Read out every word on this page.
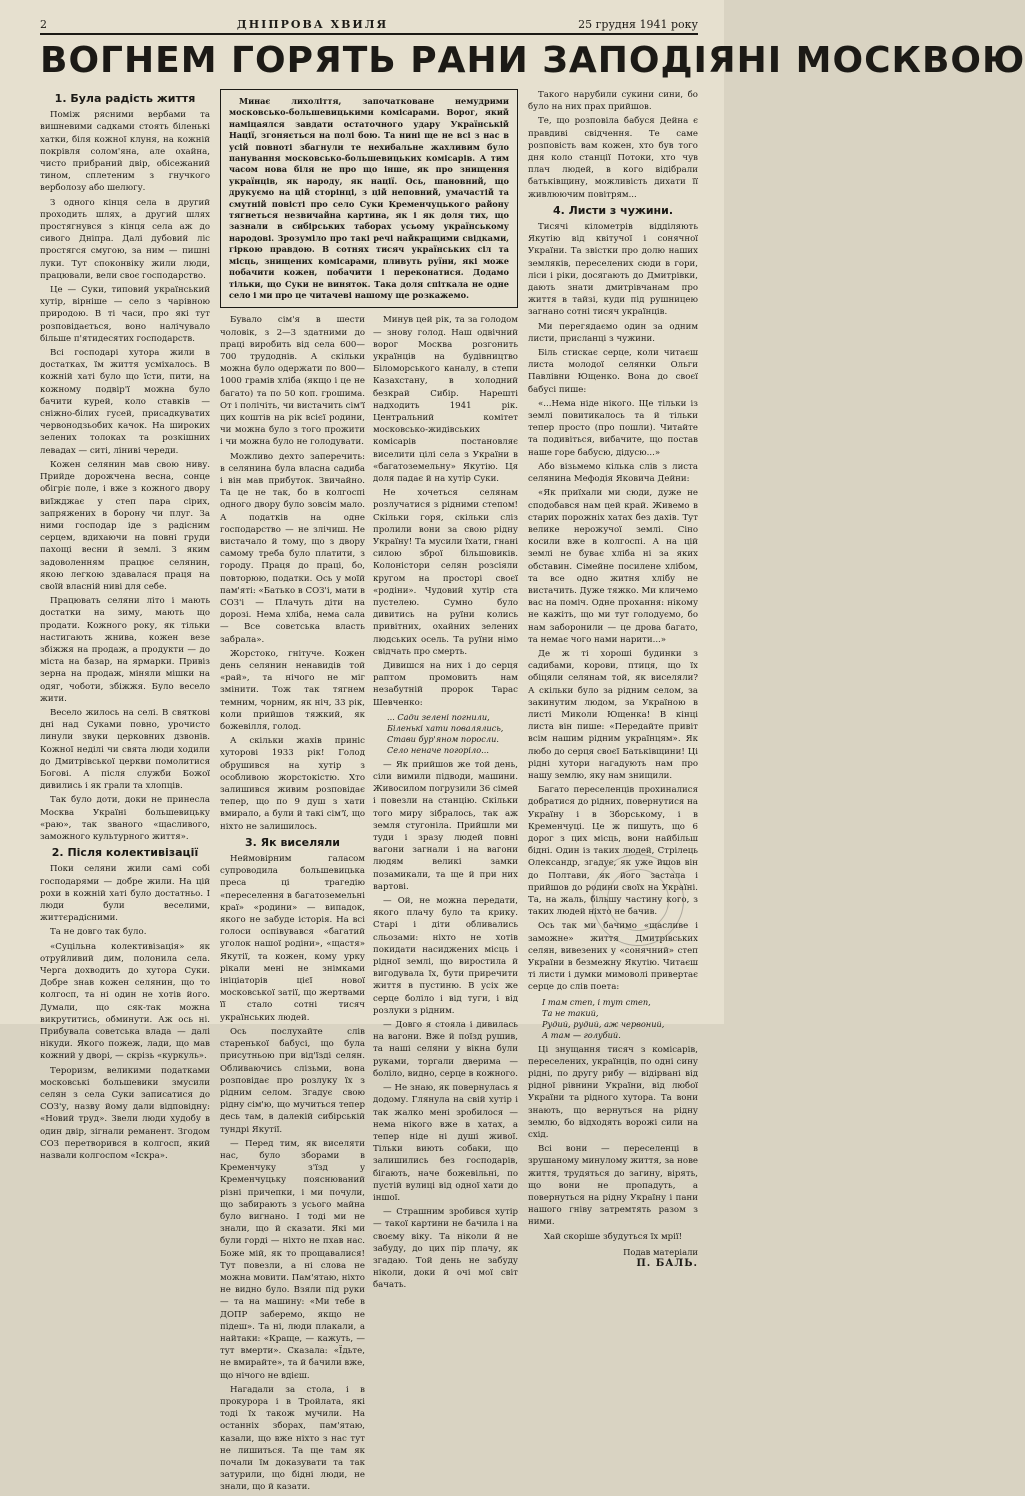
2	ДНІПРОВА ХВИЛЯ	25 грудня 1941 року
ВОГНЕМ ГОРЯТЬ РАНИ ЗАПОДІЯНІ МОСКВОЮ
1. Була радість життя

Поміж рясними вербами та вишневими садками стоять біленькі хатки, біля кожної клуня, на кожній покрівля солом'яна, але охайна, чисто прибраний двір, обісежаний тином, сплетеним з гнучкого верболозу або шелюгу.

З одного кінця села в другий проходить шлях, а другий шлях простягнувся з кінця села аж до сивого Дніпра. Далі дубовий ліс простягся смугою, за ним — пишні луки. Тут споконвіку жили люди, працювали, вели своє господарство.

Це — Суки, типовий український хутір, вірніше — село з чарівною природою. В ті часи, про які тут розповідається, воно налічувало більше п'ятидесятих господарств.

Всі господарі хутора жили в достатках, їм життя усміхалось. В кожній хаті було що їсти, пити, на кожному подвір'ї можна було бачити курей, коло ставків — сніжно-білих гусей, присадкуватих червонодзьобих качок. На широких зелених толоках та розкішних левадах — ситі, ліниві череди.

Кожен селянин мав свою ниву. Прийде дорожчена весна, сонце обігріє поле, і вже з кожного двору виїжджає у степ пара сірих, запряжених в борону чи плуг. За ними господар іде з радісним серцем, вдихаючи на повні груди пахощі весни й землі. З яким задоволенням працює селянин, якою легкою здавалася праця на своїй власній ниві для себе.

Працювать селяни літо і мають достатки на зиму, мають що продати. Кожного року, як тільки настигають жнива, кожен везе збіжжя на продаж, а продукти — до міста на базар, на ярмарки. Привіз зерна на продаж, міняли мішки на одяг, чоботи, збіжжя. Було весело жити.

Весело жилось на селі. В святкові дні над Суками повно, урочисто линули звуки церковних дзвонів. Кожної неділі чи свята люди ходили до Дмитрівської церкви помолитися Богові. А після служби Божої дивились і як грали та хлопців.

Так було доти, доки не принесла Москва Україні большевицьку «раю», так званого «щасливого, заможного культурного життя».

2. Після колективізації

Поки селяни жили самі собі господарями — добре жили. На цій рохи в кожній хаті було достатньо. І люди були веселими, життєрадісними.

Та не довго так було.

«Суцільна колективізація» як отруйливий дим, полонила села. Черга дохводить до хутора Суки. Добре знав кожен селянин, що то колгосп, та ні один не хотів його. Думали, що сяк-так можна викрутитись, обминути. Аж ось ні. Прибувала советська влада — далі нікуди. Якого пожеж, лади, що мав кожний у дворі, — скрізь «куркуль».

Тероризм, великими податками московські большевики змусили селян з села Суки записатися до СОЗ'у, назву йому дали відповідну: «Новий труд». Звели люди худобу в один двір, зігнали реманент. Згодом СОЗ перетворився в колгосп, який назвали колгоспом «Іскра».

Минає лихоліття, започатковане немудрими московсько-большевицькими комісарами. Ворог, який наміцаялся завдати остаточного удару Українській Нації, згоняється на полі бою. Та нині ще не всі з нас в усій повноті збагнули те нехибальне жахливим було панування московсько-большевицьких комісарів. А тим часом нова біля не про що інше, як про знищення українців, як народу, як нації. Ось, шановний, що друкуємо на цій сторінці, з цій неповний, умачастій та смутній повісті про село Суки Кременчуцького району тягнеться незвичайна картина, як і як доля тих, що зазнали в сибірських таборах усьому українському народові. Зрозуміло про такі речі найкращими свідками, гіркою правдою. В сотнях тисяч українських сіл та місць, знищених комісарами, пливуть руїни, які може побачити кожен, побачити і переконатися. Додамо тільки, що Суки не виняток. Така доля спіткала не одне село і ми про це читачеві нашому ще розкажемо.

Бувало сім'я в шести чоловік, з 2—3 здатними до праці виробить від села 600—700 трудоднів. А скільки можна було одержати по 800—1000 грамів хліба (якщо і це не багато) та по 50 коп. грошима. От і полічіть, чи вистачить сім'ї цих коштів на рік всієї родини, чи можна було з того прожити і чи можна було не голодувати.

Можливо дехто заперечить: в селянина була власна садиба і він мав прибуток. Звичайно. Та це не так, бо в колгоспі одного двору було зовсім мало. А податків на одне господарство — не злічиш. Не вистачало й тому, що з двору самому треба було платити, з городу. Праця до праці, бо, повторюю, податки. Ось у моїй пам'яті: «Батько в СОЗ'і, мати в СОЗ'і — Плачуть діти на дорозі. Нема хліба, нема сала — Все совєтська власть забрала».

Жорстоко, гнітуче. Кожен день селянин ненавидів той «рай», та нічого не міг змінити. Тож так тягнем темним, чорним, як ніч, 33 рік, коли прийшов тяжкий, як божевілля, голод.

А скільки жахів приніс хуторові 1933 рік! Голод обрушився на хутір з особливою жорстокістю. Хто залишився живим розповідає тепер, що по 9 душ з хати вмирало, а були й такі сім'ї, що ніхто не залишилось.

3. Як виселяли

Неймовірним галасом супроводила большевицька преса ці трагедію «переселення в багатоземельні краї» «родини» — випадок, якого не забуде історія. На всі голоси оспівувався «багатий уголок нашої родіни», «щастя» Якутії, та кожен, кому урку рікали мені не знімками ініціаторів цієї нової московської затії, що жертвами її стало сотні тисяч українських людей.

Ось послухайте слів старенької бабусі, що була присутньою при від'їзді селян. Обливаючись слізьми, вона розповідає про розлуку їх з рідним селом. Згадує свою рідну сім'ю, що мучиться тепер десь там, в далекій сибірській тундрі Якутії.

— Перед тим, як виселяти нас, було зборами в Кременчуку з'їзд у Кременчуцьку пояснюваний різні причепки, і ми почули, що забирають з усього майна було вигнано. І тоді ми не знали, що й сказати. Які ми були горді — ніхто не пхав нас. Боже мій, як то прощавалися! Тут повезли, а ні слова не можна мовити. Пам'ятаю, ніхто не видно було. Взяли під руки — та на машину: «Ми тебе в ДОПР заберемо, якщо не підеш». Та ні, люди плакали, а найтаки: «Краще, — кажуть, — тут вмерти». Сказала: «Їдьте, не вмирайте», та й бачили вже, що нічого не вдієш.

Нагадали за стола, і в прокурора і в Тройлата, які тоді їх також мучили. На останніх зборах, пам'ятаю, казали, що вже ніхто з нас тут не лишиться. Та ще там як почали їм доказувати та так затурили, що бідні люди, не знали, що й казати.

Минув цей рік, та за голодом — знову голод. Наш одвічний ворог Москва розгонить українців на будівництво Біломорського каналу, в степи Казахстану, в холодний безкрай Сибір. Нарешті надходить 1941 рік. Центральний комітет московсько-жидівських комісарів постановляє виселити цілі села з України в «багатоземельну» Якутію. Ця доля падає й на хутір Суки.

Не хочеться селянам розлучатися з рідними степом! Скільки горя, скільки сліз пролили вони за свою рідну Україну! Та мусили їхати, гнані силою зброї більшовиків. Колоністори селян розсіяли кругом на просторі своєї «родіни». Чудовий хутір ста пустелею. Сумно було дивитись на руїни колись привітних, охайних зелених людських осель. Та руїни німо свідчать про смерть.

Дивишся на них і до серця раптом промовить нам незабутній пророк Тарас Шевченко:

... Сади зелені погнили,
Біленькі хати повалялись,
Стави бур'яном поросли.
Село неначе погоріло...

— Як прийшов же той день, сіли вимили підводи, машини. Живосилом погрузили 36 сімей і повезли на станцію. Скільки того миру зібралось, так аж земля стугоніла. Прийшли ми туди і зразу людей повні вагони загнали і на вагони людям великі замки позамикали, та ще й при них вартові.

— Ой, не можна передати, якого плачу було та крику. Старі і діти обливались сльозами: ніхто не хотів покидати насиджених місць і рідної землі, що виростила й вигодувала їх, бути приречити життя в пустиню. В усіх же серце боліло і від туги, і від розлуки з рідним.

— Довго я стояла і дивилась на вагони. Вже й поїзд рушив, та наші селяни у вікна були руками, торгали дверима — боліло, видно, серце в кожного.

— Не знаю, як повернулась я додому. Глянула на свій хутір і так жалко мені зробилося — нема нікого вже в хатах, а тепер ніде ні душі живої. Тільки виють собаки, що залишились без господарів, бігають, наче божевільні, по пустій вулиці від одної хати до іншої.

— Страшним зробився хутір — такої картини не бачила і на своєму віку. Та ніколи й не забуду, до цих пір плачу, як згадаю. Той день не забуду ніколи, доки й очі мої світ бачать.

Такого нарубили сукини сини, бо було на них прах прийшов.

Те, що розповіла бабуся Дейна є правдиві свідчення. Те саме розповість вам кожен, хто був того дня коло станції Потоки, хто чув плач людей, в кого відібрали батьківщину, можливість дихати її живлюючим повітрям...

4. Листи з чужини.

Тисячі кілометрів відділяють Якутію від квітучої і сонячної України. Та звістки про долю наших земляків, переселених сюди в гори, ліси і ріки, досягають до Дмитрівки, дають знати дмитрівчанам про життя в тайзі, куди під рушницею загнано сотні тисяч українців.

Ми перегядаємо один за одним листи, присланці з чужини.

Біль стискає серце, коли читаєш листа молодої селянки Ольги Павлівни Ющенко. Вона до своєї бабусі пише:

«...Нема ніде нікого. Ще тільки із землі повитикалось та й тільки тепер просто (про пошли). Читайте та подивіться, вибачите, що постав наше горе бабусю, дідусю...»

Або візьмемо кілька слів з листа селянина Мефодія Яковича Дейни:

«Як приїхали ми сюди, дуже не сподобався нам цей край. Живемо в старих порожніх хатах без дахів. Тут велике нерожучої землі. Сіно косили вже в колгоспі. А на цій землі не буває хліба ні за яких обставин. Сімейне посилене хлібом, та все одно житня хлібу не вистачить. Дуже тяжко. Ми кличемо вас на поміч. Одне прохання: нікому не кажіть, що ми тут голодуємо, бо нам заборонили — це дрова багато, та немає чого нами нарити...»

Де ж ті хороші будинки з садибами, корови, птиця, що їх обіцяли селянам той, як виселяли? А скільки було за рідним селом, за закинутим людом, за Україною в листі Миколи Ющенка! В кінці листа він пише: «Передайте привіт всім нашим рідним українцям». Як любо до серця своєї Батьківщини! Ці рідні хутори нагадують нам про нашу землю, яку нам знищили.

Багато переселенців прохиналися добратися до рідних, повернутися на Україну і в Зборському, і в Кременчуці. Це ж пишуть, що 6 дорог з цих місць, вони найбільш бідні. Один із таких людей, Стрілець Олександр, згадує, як уже йшов він до Полтави, як його застала і прийшов до родини своїх на Україні. Та, на жаль, більшу частину кого, з таких людей ніхто не бачив.

Ось так ми бачимо «щасливе і заможне» життя Дмитрівських селян, вивезених у «сонячний» степ України в безмежну Якутію. Читаєш ті листи і думки мимоволі привертає серце до слів поета:

І там степ, і тут степ,
Та не такий,
Рудий, рудий, аж червоний,
А там — голубий.

Ці знущання тисяч з комісарів, переселених, українців, по одні сину рідні, по другу рибу — відірвані від рідної рівнини України, від любої України та рідного хутора. Та вони знають, що вернуться на рідну землю, бо відходять ворожі сили на схід.

Всі вони — переселенці в зрушаному минулому життя, за нове життя, трудяться до загину, вірять, що вони не пропадуть, а повернуться на рідну Україну і пани нашого гніву затремтять разом з ними.

Хай скоріше збудуться їх мрії!
Подав матеріали
П. БАЛЬ.
